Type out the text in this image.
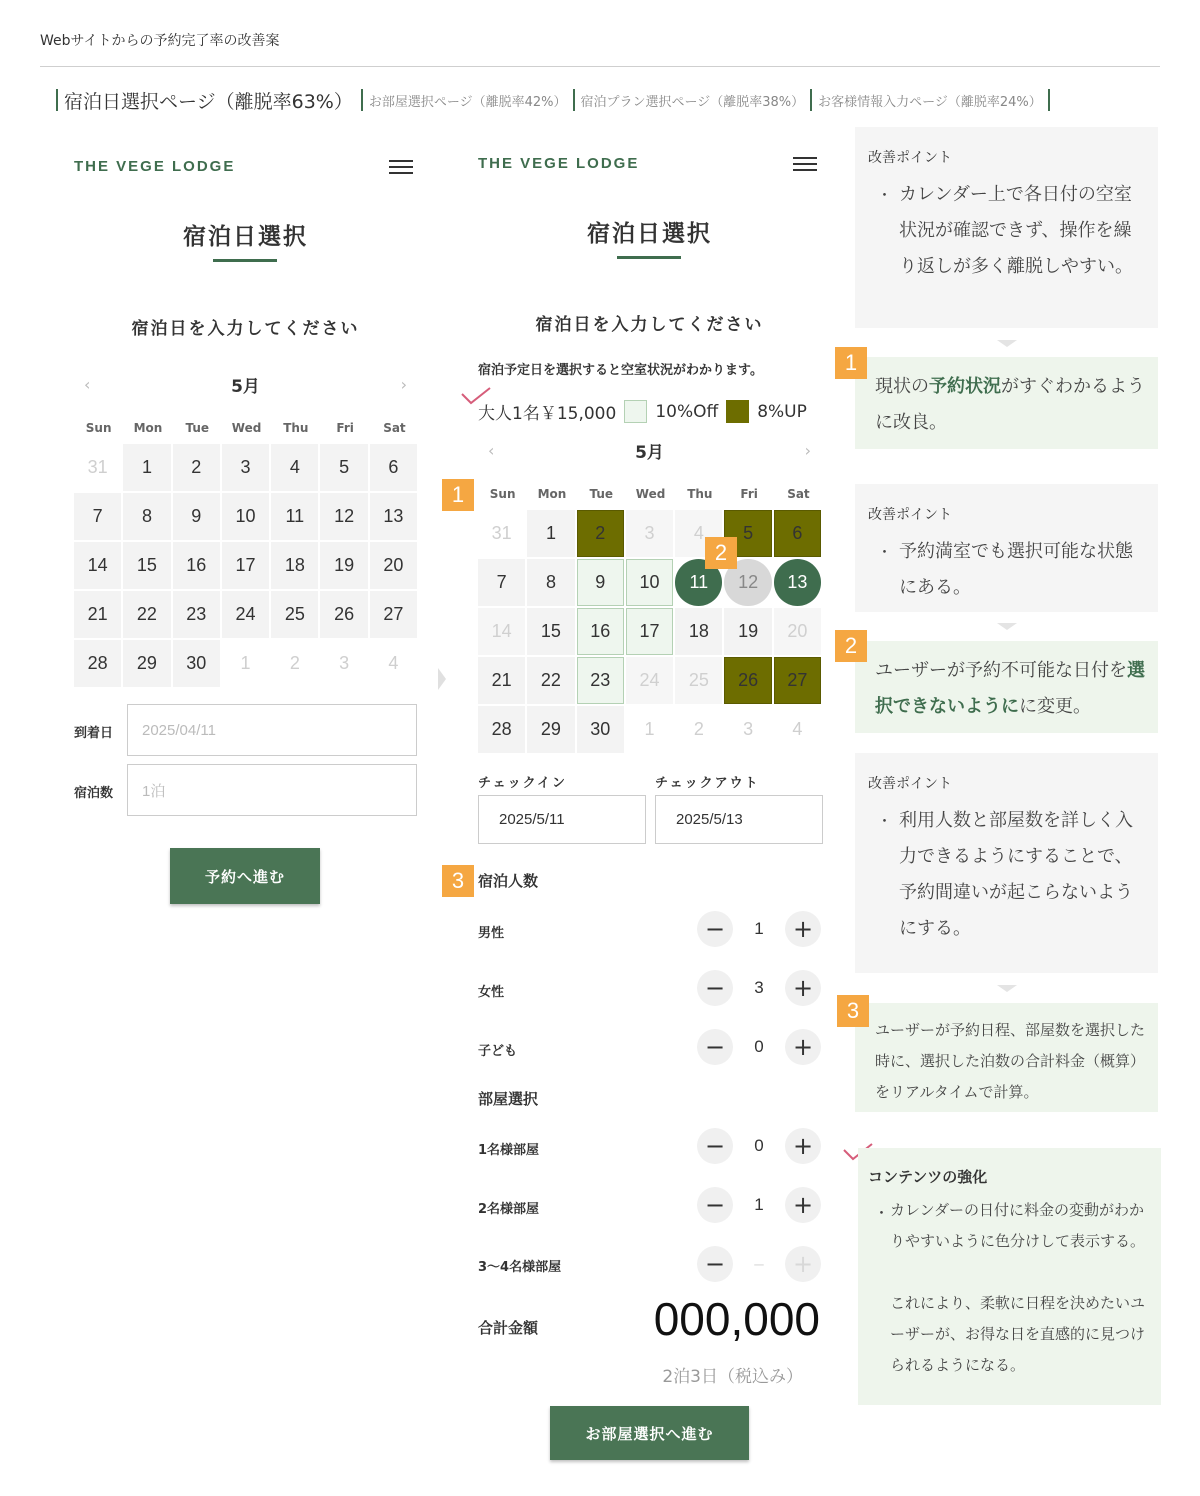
Webサイトからの予約完了率の改善案
宿泊日選択ページ（離脱率63%）	お部屋選択ページ（離脱率42%）	宿泊プラン選択ページ（離脱率38%）	お客様情報入力ページ（離脱率24%）
THE VEGE LODGE
宿泊日選択
宿泊日を入力してください
‹	5月	›
Sun	Mon	Tue	Wed	Thu	Fri	Sat
31	1	2	3	4	5	6
7	8	9	10	11	12	13
14	15	16	17	18	19	20
21	22	23	24	25	26	27
28	29	30	1	2	3	4
到着日	2025/04/11
宿泊数	1泊
予約へ進む
THE VEGE LODGE
宿泊日選択
宿泊日を入力してください
宿泊予定日を選択すると空室状況がわかります。
大人1名￥15,000 10%Off 8%UP
‹	5月	›
Sun	Mon	Tue	Wed	Thu	Fri	Sat
31	1	2	3	4	5	6
7	8	9	10	11	12	13
14	15	16	17	18	19	20
21	22	23	24	25	26	27
28	29	30	1	2	3	4
チェックイン
2025/5/11
チェックアウト
2025/5/13
宿泊人数
男性	−	1	+
女性	−	3	+
子ども	−	0	+
部屋選択
1名様部屋	−	0	+
2名様部屋	−	1	+
3〜4名様部屋	−	–	+
合計金額	000,000
2泊3日（税込み）
お部屋選択へ進む
1
2
3
改善ポイント
・ カレンダー上で各日付の空室状況が確認できず、操作を繰り返しが多く離脱しやすい。
現状の予約状況がすぐわかるように改良。
改善ポイント
・ 予約満室でも選択可能な状態にある。
ユーザーが予約不可能な日付を選択できないようにに変更。
改善ポイント
・ 利用人数と部屋数を詳しく入力できるようにすることで、予約間違いが起こらないようにする。
ユーザーが予約日程、部屋数を選択した時に、選択した泊数の合計料金（概算）をリアルタイムで計算。
コンテンツの強化
・ カレンダーの日付に料金の変動がわかりやすいように色分けして表示する。
これにより、柔軟に日程を決めたいユーザーが、お得な日を直感的に見つけられるようになる。
1
2
3
